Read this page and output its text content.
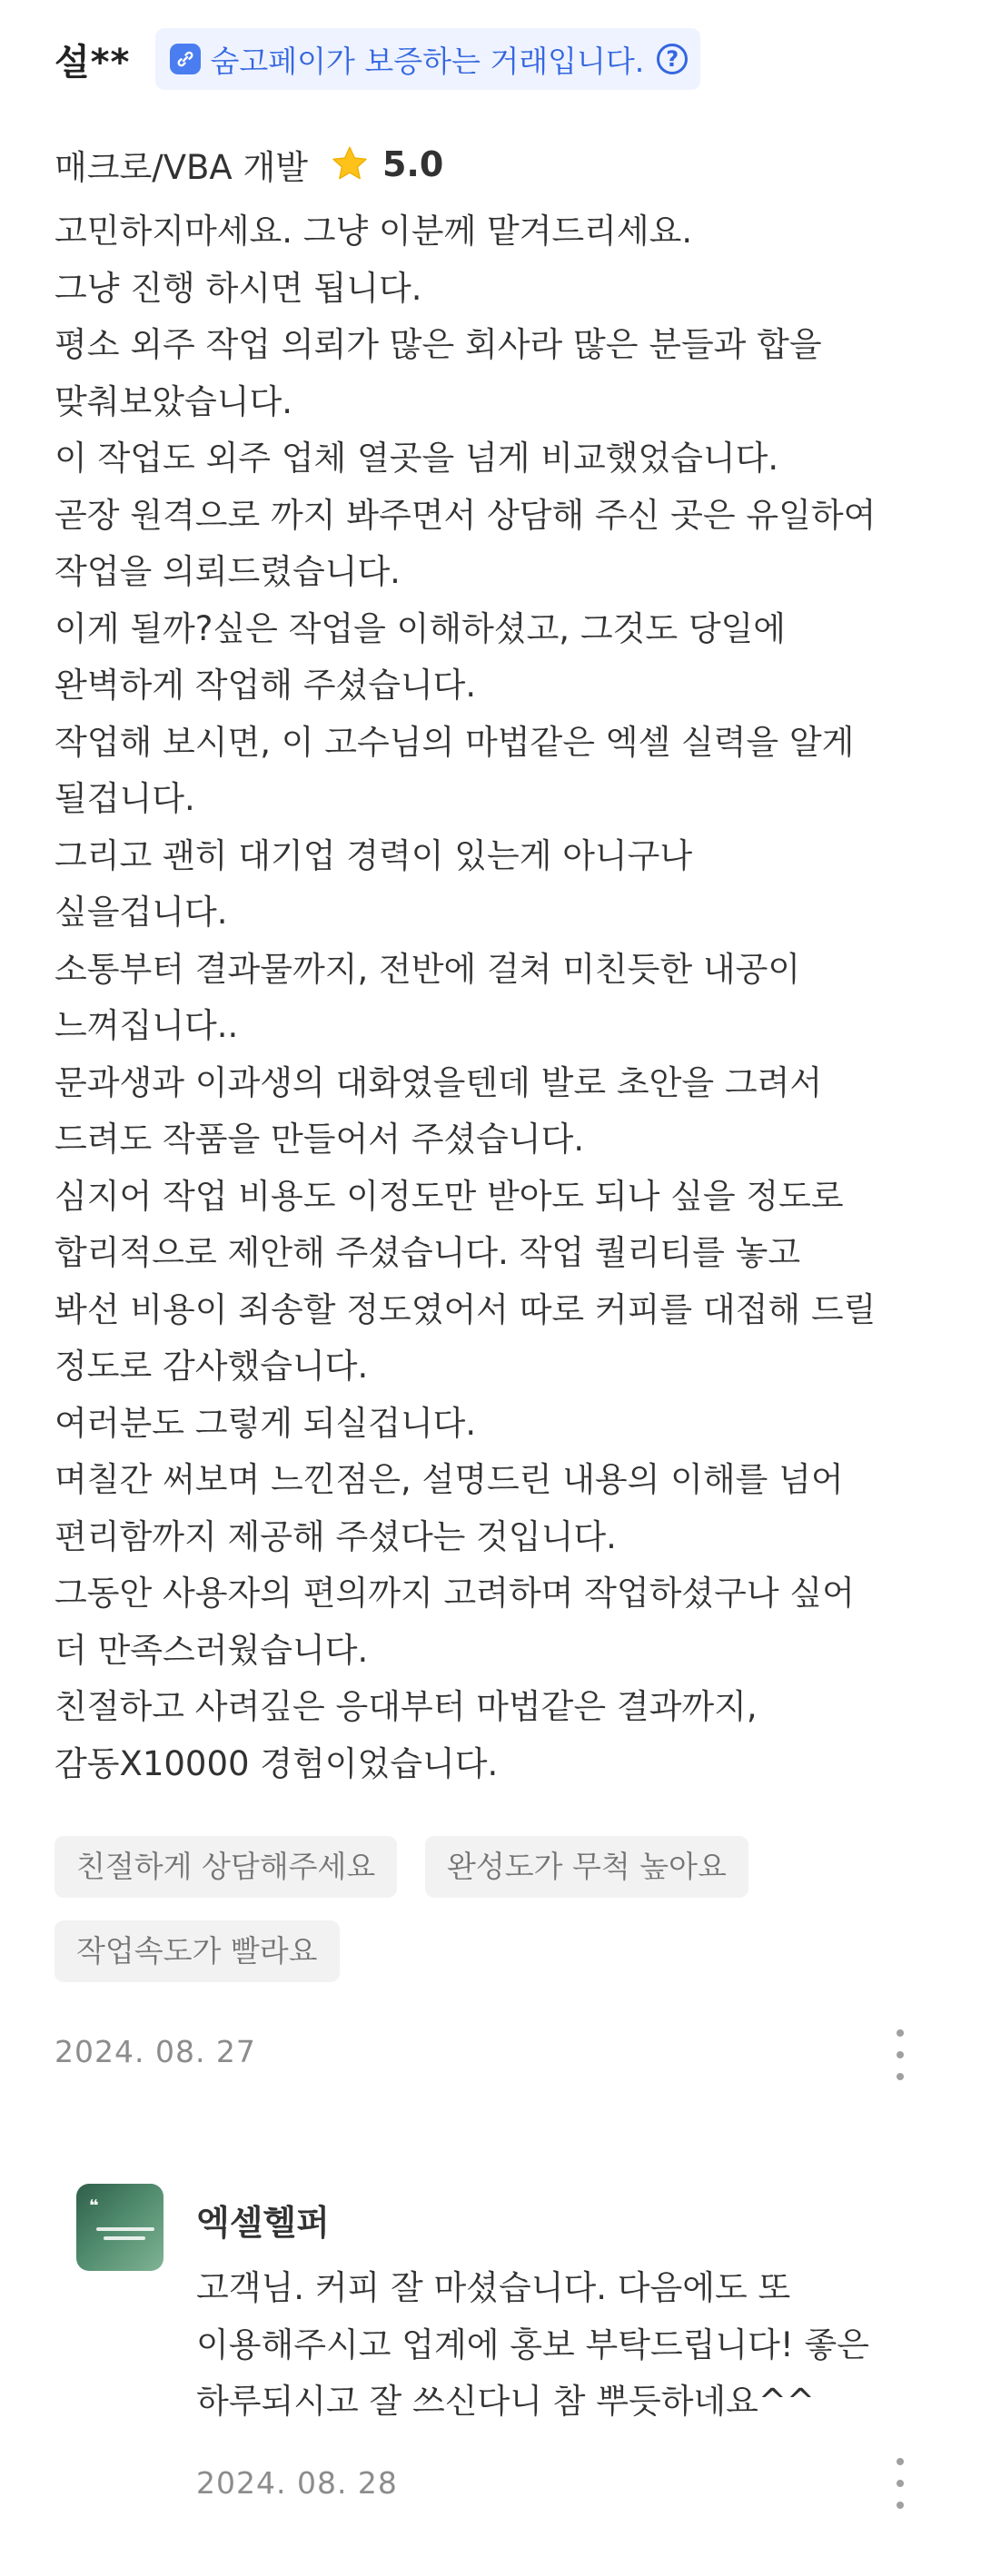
설**	숨고페이가 보증하는 거래입니다.	?
매크로/VBA 개발 5.0
고민하지마세요. 그냥 이분께 맡겨드리세요.
그냥 진행 하시면 됩니다.
평소 외주 작업 의뢰가 많은 회사라 많은 분들과 합을
맞춰보았습니다.
이 작업도 외주 업체 열곳을 넘게 비교했었습니다.
곧장 원격으로 까지 봐주면서 상담해 주신 곳은 유일하여
작업을 의뢰드렸습니다.
이게 될까?싶은 작업을 이해하셨고, 그것도 당일에
완벽하게 작업해 주셨습니다.
작업해 보시면, 이 고수님의 마법같은 엑셀 실력을 알게
될겁니다.
그리고 괜히 대기업 경력이 있는게 아니구나
싶을겁니다.
소통부터 결과물까지, 전반에 걸쳐 미친듯한 내공이
느껴집니다..
문과생과 이과생의 대화였을텐데 발로 초안을 그려서
드려도 작품을 만들어서 주셨습니다.
심지어 작업 비용도 이정도만 받아도 되나 싶을 정도로
합리적으로 제안해 주셨습니다. 작업 퀄리티를 놓고
봐선 비용이 죄송할 정도였어서 따로 커피를 대접해 드릴
정도로 감사했습니다.
여러분도 그렇게 되실겁니다.
며칠간 써보며 느낀점은, 설명드린 내용의 이해를 넘어
편리함까지 제공해 주셨다는 것입니다.
그동안 사용자의 편의까지 고려하며 작업하셨구나 싶어
더 만족스러웠습니다.
친절하고 사려깊은 응대부터 마법같은 결과까지,
감동X10000 경험이었습니다.
친절하게 상담해주세요	완성도가 무척 높아요
작업속도가 빨라요
2024. 08. 27
❝	엑셀헬퍼
고객님. 커피 잘 마셨습니다. 다음에도 또
이용해주시고 업계에 홍보 부탁드립니다! 좋은
하루되시고 잘 쓰신다니 참 뿌듯하네요^^
2024. 08. 28
